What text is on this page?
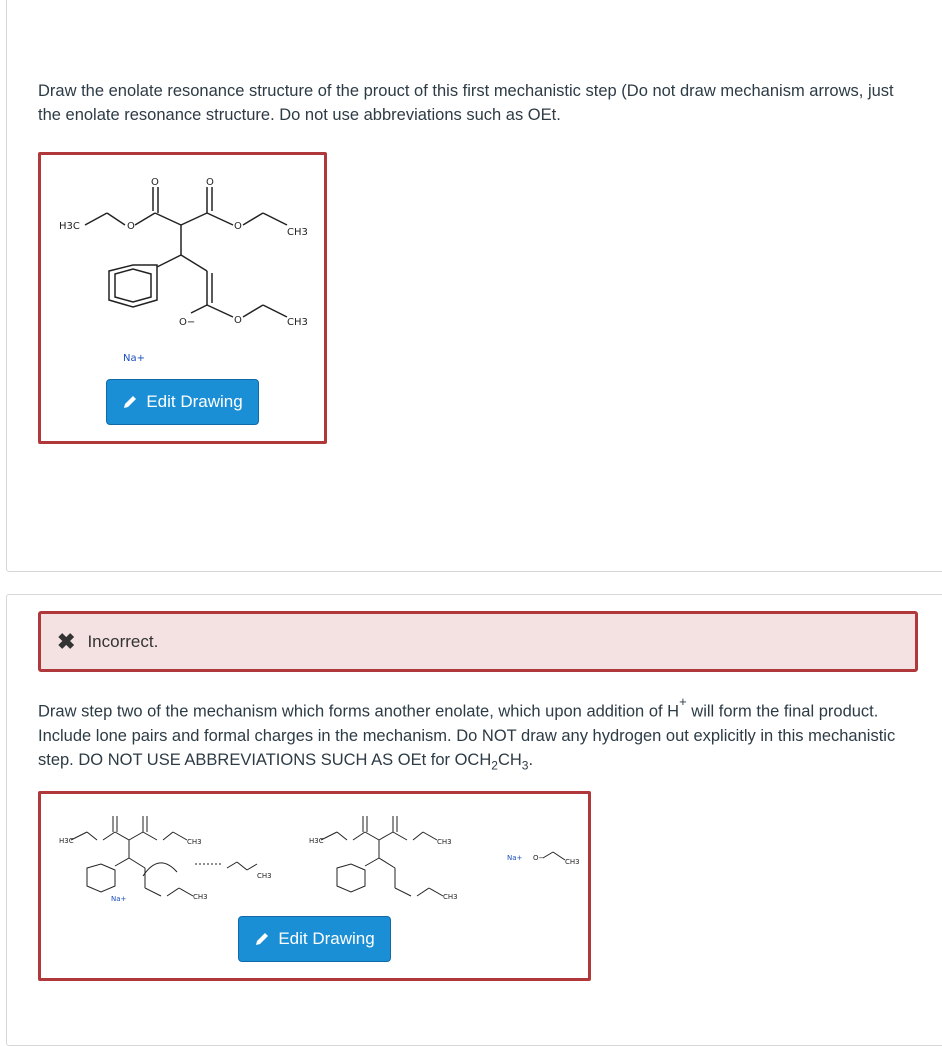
Draw the enolate resonance structure of the prouct of this first mechanistic step (Do not draw mechanism arrows, just the enolate resonance structure. Do not use abbreviations such as OEt.
H3C	O
O	O
O
CH3
O−	O	CH3
Na+
Edit Drawing
✖ Incorrect.
Draw step two of the mechanism which forms another enolate, which upon addition of H+ will form the final product. Include lone pairs and formal charges in the mechanism. Do NOT draw any hydrogen out explicitly in this mechanistic step. DO NOT USE ABBREVIATIONS SUCH AS OEt for $OCH_2CH_3$.
H3C	CH3
Na+	CH3
CH3
H3C	CH3
CH3
Na+ O−	CH3
Edit Drawing
